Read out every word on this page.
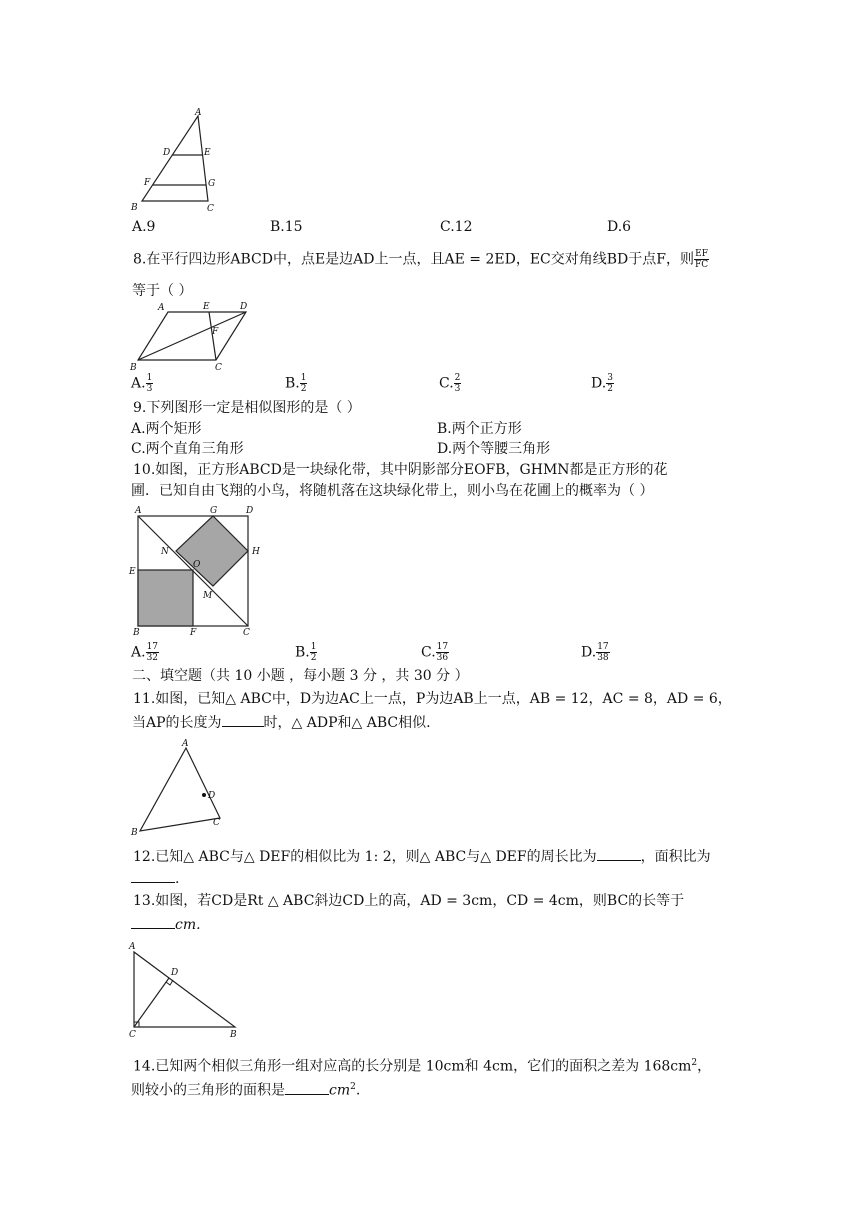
A
D	E
F	G
B	C
A.9	B.15	C.12	D.6
8.在平行四边形ABCD中，点E是边AD上一点，且AE = 2ED，EC交对角线BD于点F，则 $\frac{EF}{FC}$
等于（ ）
A	E	D
F
B	C
A. $\frac{1}{3}$	B. $\frac{1}{2}$	C. $\frac{2}{3}$	D. $\frac{3}{2}$
9.下列图形一定是相似图形的是（ ）
A.两个矩形	B.两个正方形
C.两个直角三角形	D.两个等腰三角形
10.如图，正方形ABCD是一块绿化带，其中阴影部分EOFB，GHMN都是正方形的花
圃．已知自由飞翔的小鸟，将随机落在这块绿化带上，则小鸟在花圃上的概率为（ ）
A	G	D
N	H
O
E
M
B	F	C
A. $\frac{17}{32}$	B. $\frac{1}{2}$	C. $\frac{17}{36}$	D. $\frac{17}{38}$
二、填空题（共 10 小题 ，每小题 3 分 ，共 30 分 ）
11.如图，已知△ ABC中，D为边AC上一点，P为边AB上一点，AB = 12，AC = 8，AD = 6，
当AP的长度为	时，△ ADP和△ ABC相似.
A
D
B
C
12.已知△ ABC与△ DEF的相似比为 1: 2，则△ ABC与△ DEF的周长比为	，面积比为
.
13.如图，若CD是Rt △ ABC斜边CD上的高，AD = 3cm，CD = 4cm，则BC的长等于
cm.
A
D
C	B
14.已知两个相似三角形一组对应高的长分别是 10cm和 4cm，它们的面积之差为 $168cm^2$，
则较小的三角形的面积是	$cm^2$.
